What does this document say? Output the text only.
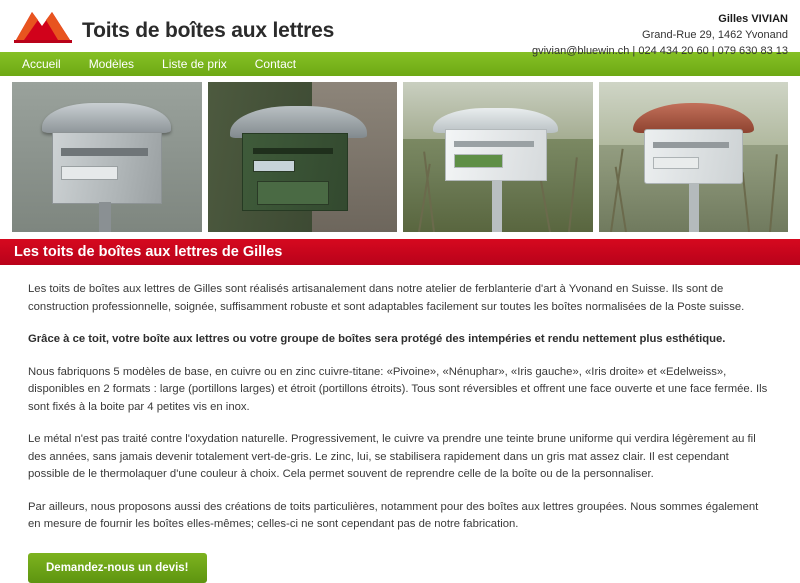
Toits de boîtes aux lettres	Gilles VIVIAN
Grand-Rue 29, 1462 Yvonand
gvivian@bluewin.ch | 024 434 20 60 | 079 630 83 13
Accueil	Modèles	Liste de prix	Contact
Les toits de boîtes aux lettres de Gilles

Les toits de boîtes aux lettres de Gilles sont réalisés artisanalement dans notre atelier de ferblanterie d'art à Yvonand en Suisse. Ils sont de construction professionnelle, soignée, suffisamment robuste et sont adaptables facilement sur toutes les boîtes normalisées de la Poste suisse.

Grâce à ce toit, votre boîte aux lettres ou votre groupe de boîtes sera protégé des intempéries et rendu nettement plus esthétique.

Nous fabriquons 5 modèles de base, en cuivre ou en zinc cuivre-titane: «Pivoine», «Nénuphar», «Iris gauche», «Iris droite» et «Edelweiss», disponibles en 2 formats : large (portillons larges) et étroit (portillons étroits). Tous sont réversibles et offrent une face ouverte et une face fermée. Ils sont fixés à la boite par 4 petites vis en inox.

Le métal n'est pas traité contre l'oxydation naturelle. Progressivement, le cuivre va prendre une teinte brune uniforme qui verdira légèrement au fil des années, sans jamais devenir totalement vert-de-gris. Le zinc, lui, se stabilisera rapidement dans un gris mat assez clair. Il est cependant possible de le thermolaquer d'une couleur à choix. Cela permet souvent de reprendre celle de la boîte ou de la personnaliser.

Par ailleurs, nous proposons aussi des créations de toits particulières, notamment pour des boîtes aux lettres groupées. Nous sommes également en mesure de fournir les boîtes elles-mêmes; celles-ci ne sont cependant pas de notre fabrication.

Demandez-nous un devis!
